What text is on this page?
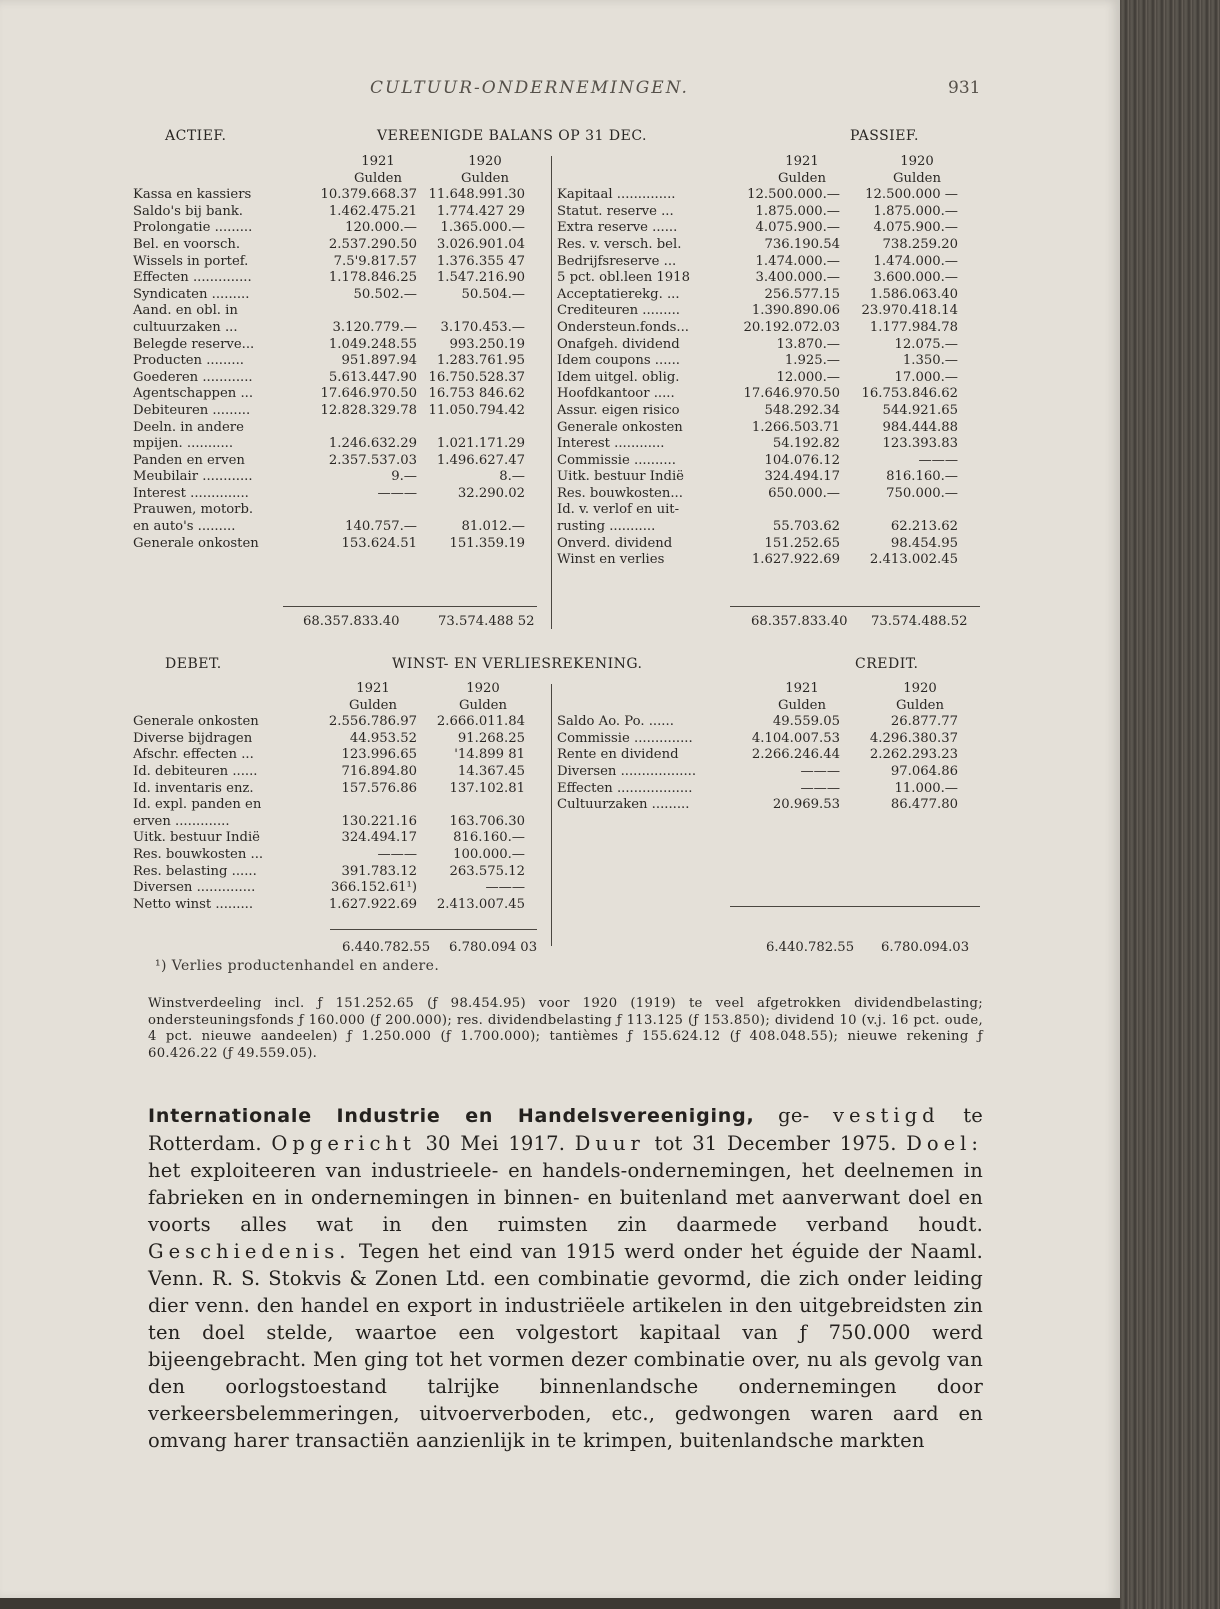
CULTUUR-ONDERNEMINGEN.	931
ACTIEF.	VEREENIGDE BALANS OP 31 DEC.	PASSIEF.
1921	1920
Gulden	Gulden
Kassa en kassiers	10.379.668.37 11.648.991.30
Saldo's bij bank.	1.462.475.21	1.774.427 29
Prolongatie .........	120.000.—	1.365.000.—
Bel. en voorsch.	2.537.290.50	3.026.901.04
Wissels in portef.	7.5'9.817.57	1.376.355 47
Effecten ..............	1.178.846.25	1.547.216.90
Syndicaten .........	50.502.—	50.504.—
Aand. en obl. in
cultuurzaken ...	3.120.779.—	3.170.453.—
Belegde reserve...	1.049.248.55	993.250.19
Producten .........	951.897.94	1.283.761.95
Goederen ............	5.613.447.90 16.750.528.37
Agentschappen ...	17.646.970.50 16.753 846.62
Debiteuren .........	12.828.329.78 11.050.794.42
Deeln. in andere
mpijen. ...........	1.246.632.29	1.021.171.29
Panden en erven	2.357.537.03	1.496.627.47
Meubilair ............	9.—	8.—
Interest ..............	———	32.290.02
Prauwen, motorb.
en auto's .........	140.757.—	81.012.—
Generale onkosten	153.624.51	151.359.19
1921	1920
Gulden	Gulden
Kapitaal ..............	12.500.000.—	12.500.000 —
Statut. reserve ...	1.875.000.—	1.875.000.—
Extra reserve ......	4.075.900.—	4.075.900.—
Res. v. versch. bel.	736.190.54	738.259.20
Bedrijfsreserve ...	1.474.000.—	1.474.000.—
5 pct. obl.leen 1918	3.400.000.—	3.600.000.—
Acceptatierekg. ...	256.577.15	1.586.063.40
Crediteuren .........	1.390.890.06	23.970.418.14
Ondersteun.fonds...	20.192.072.03	1.177.984.78
Onafgeh. dividend	13.870.—	12.075.—
Idem coupons ......	1.925.—	1.350.—
Idem uitgel. oblig.	12.000.—	17.000.—
Hoofdkantoor .....	17.646.970.50	16.753.846.62
Assur. eigen risico	548.292.34	544.921.65
Generale onkosten	1.266.503.71	984.444.88
Interest ............	54.192.82	123.393.83
Commissie ..........	104.076.12	———
Uitk. bestuur Indië	324.494.17	816.160.—
Res. bouwkosten...	650.000.—	750.000.—
Id. v. verlof en uit-
rusting ...........	55.703.62	62.213.62
Onverd. dividend	151.252.65	98.454.95
Winst en verlies	1.627.922.69	2.413.002.45
68.357.833.40	73.574.488 52	68.357.833.40 73.574.488.52
DEBET.	WINST- EN VERLIESREKENING.	CREDIT.
1921	1920
Gulden	Gulden
Generale onkosten	2.556.786.97	2.666.011.84
Diverse bijdragen	44.953.52	91.268.25
Afschr. effecten ...	123.996.65	'14.899 81
Id. debiteuren ......	716.894.80	14.367.45
Id. inventaris enz.	157.576.86	137.102.81
Id. expl. panden en
erven .............	130.221.16	163.706.30
Uitk. bestuur Indië	324.494.17	816.160.—
Res. bouwkosten ...	———	100.000.—
Res. belasting ......	391.783.12	263.575.12
Diversen ..............	366.152.61¹)	———
Netto winst .........	1.627.922.69	2.413.007.45
1921	1920
Gulden	Gulden
Saldo Ao. Po. ......	49.559.05	26.877.77
Commissie ..............	4.104.007.53	4.296.380.37
Rente en dividend	2.266.246.44	2.262.293.23
Diversen ..................	———	97.064.86
Effecten ..................	———	11.000.—
Cultuurzaken .........	20.969.53	86.477.80
6.440.782.55 6.780.094 03	6.440.782.55 6.780.094.03
¹) Verlies productenhandel en andere.
Winstverdeeling incl. ƒ 151.252.65 (ƒ 98.454.95) voor 1920 (1919) te veel afgetrokken dividendbelasting; ondersteuningsfonds ƒ 160.000 (ƒ 200.000); res. dividendbelasting ƒ 113.125 (ƒ 153.850); dividend 10 (v.j. 16 pct. oude, 4 pct. nieuwe aandeelen) ƒ 1.250.000 (ƒ 1.700.000); tantièmes ƒ 155.624.12 (ƒ 408.048.55); nieuwe rekening ƒ 60.426.22 (ƒ 49.559.05).
Internationale Industrie en Handelsvereeniging, ge- vestigd te Rotterdam. Opgericht 30 Mei 1917. Duur tot 31 December 1975. Doel: het exploiteeren van industrieele- en handels-ondernemingen, het deelnemen in fabrieken en in ondernemingen in binnen- en buitenland met aanverwant doel en voorts alles wat in den ruimsten zin daarmede verband houdt. Geschiedenis. Tegen het eind van 1915 werd onder het éguide der Naaml. Venn. R. S. Stokvis & Zonen Ltd. een combinatie gevormd, die zich onder leiding dier venn. den handel en export in industriëele artikelen in den uitgebreidsten zin ten doel stelde, waartoe een volgestort kapitaal van ƒ 750.000 werd bijeengebracht. Men ging tot het vormen dezer combinatie over, nu als gevolg van den oorlogstoestand talrijke binnenlandsche ondernemingen door verkeersbelemmeringen, uitvoerverboden, etc., gedwongen waren aard en omvang harer transactiën aanzienlijk in te krimpen, buitenlandsche markten
